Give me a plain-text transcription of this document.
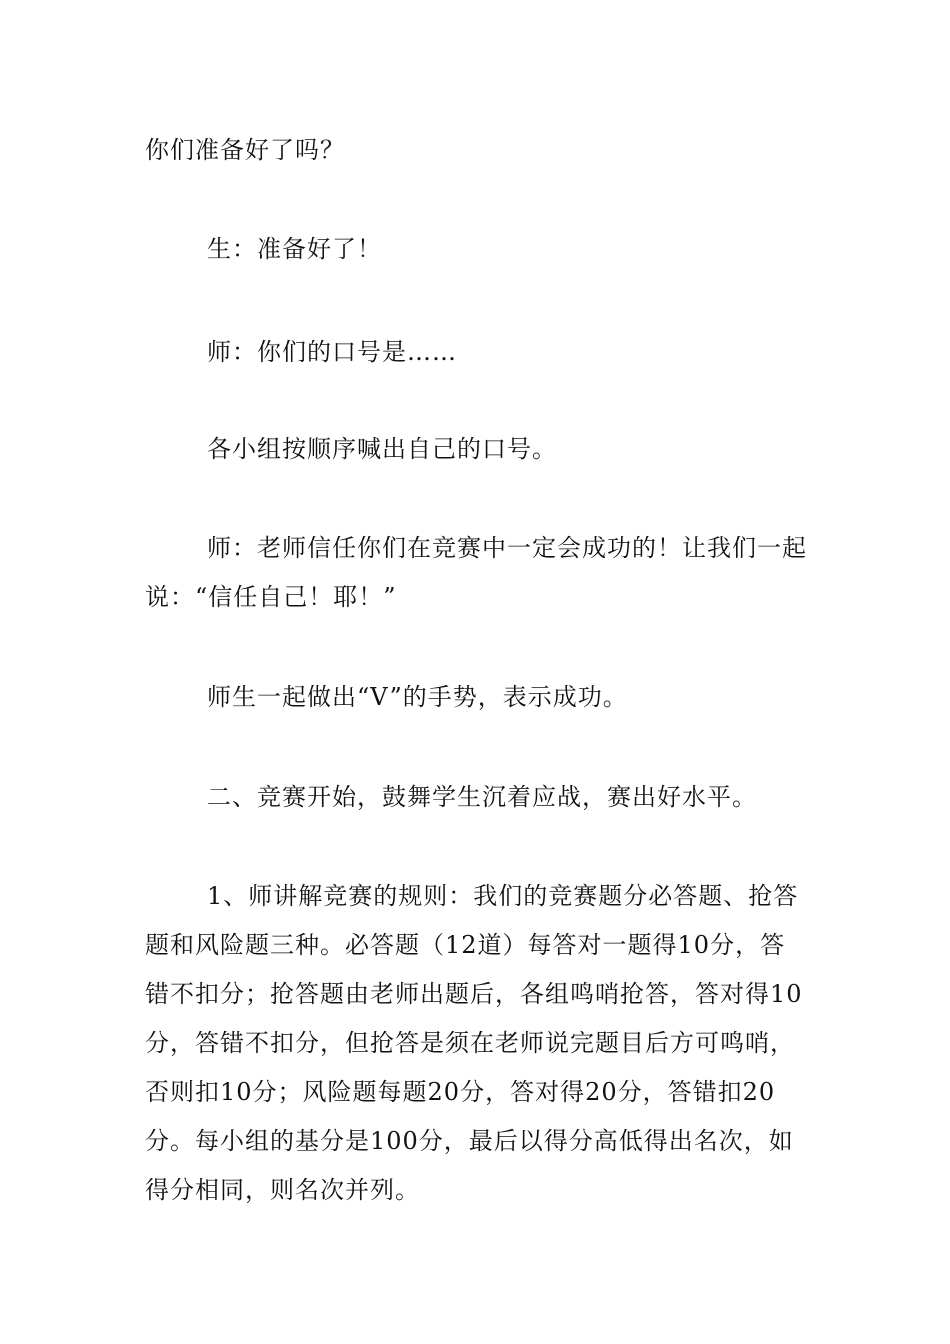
你们准备好了吗？

生：准备好了！

师：你们的口号是……

各小组按顺序喊出自己的口号。

师：老师信任你们在竞赛中一定会成功的！让我们一起说：“信任自己！耶！”

师生一起做出“V”的手势，表示成功。

二、竞赛开始，鼓舞学生沉着应战，赛出好水平。

1、师讲解竞赛的规则：我们的竞赛题分必答题、抢答题和风险题三种。必答题（12道）每答对一题得10分，答错不扣分；抢答题由老师出题后，各组鸣哨抢答，答对得10分，答错不扣分，但抢答是须在老师说完题目后方可鸣哨，否则扣10分；风险题每题20分，答对得20分，答错扣20分。每小组的基分是100分，最后以得分高低得出名次，如得分相同，则名次并列。
